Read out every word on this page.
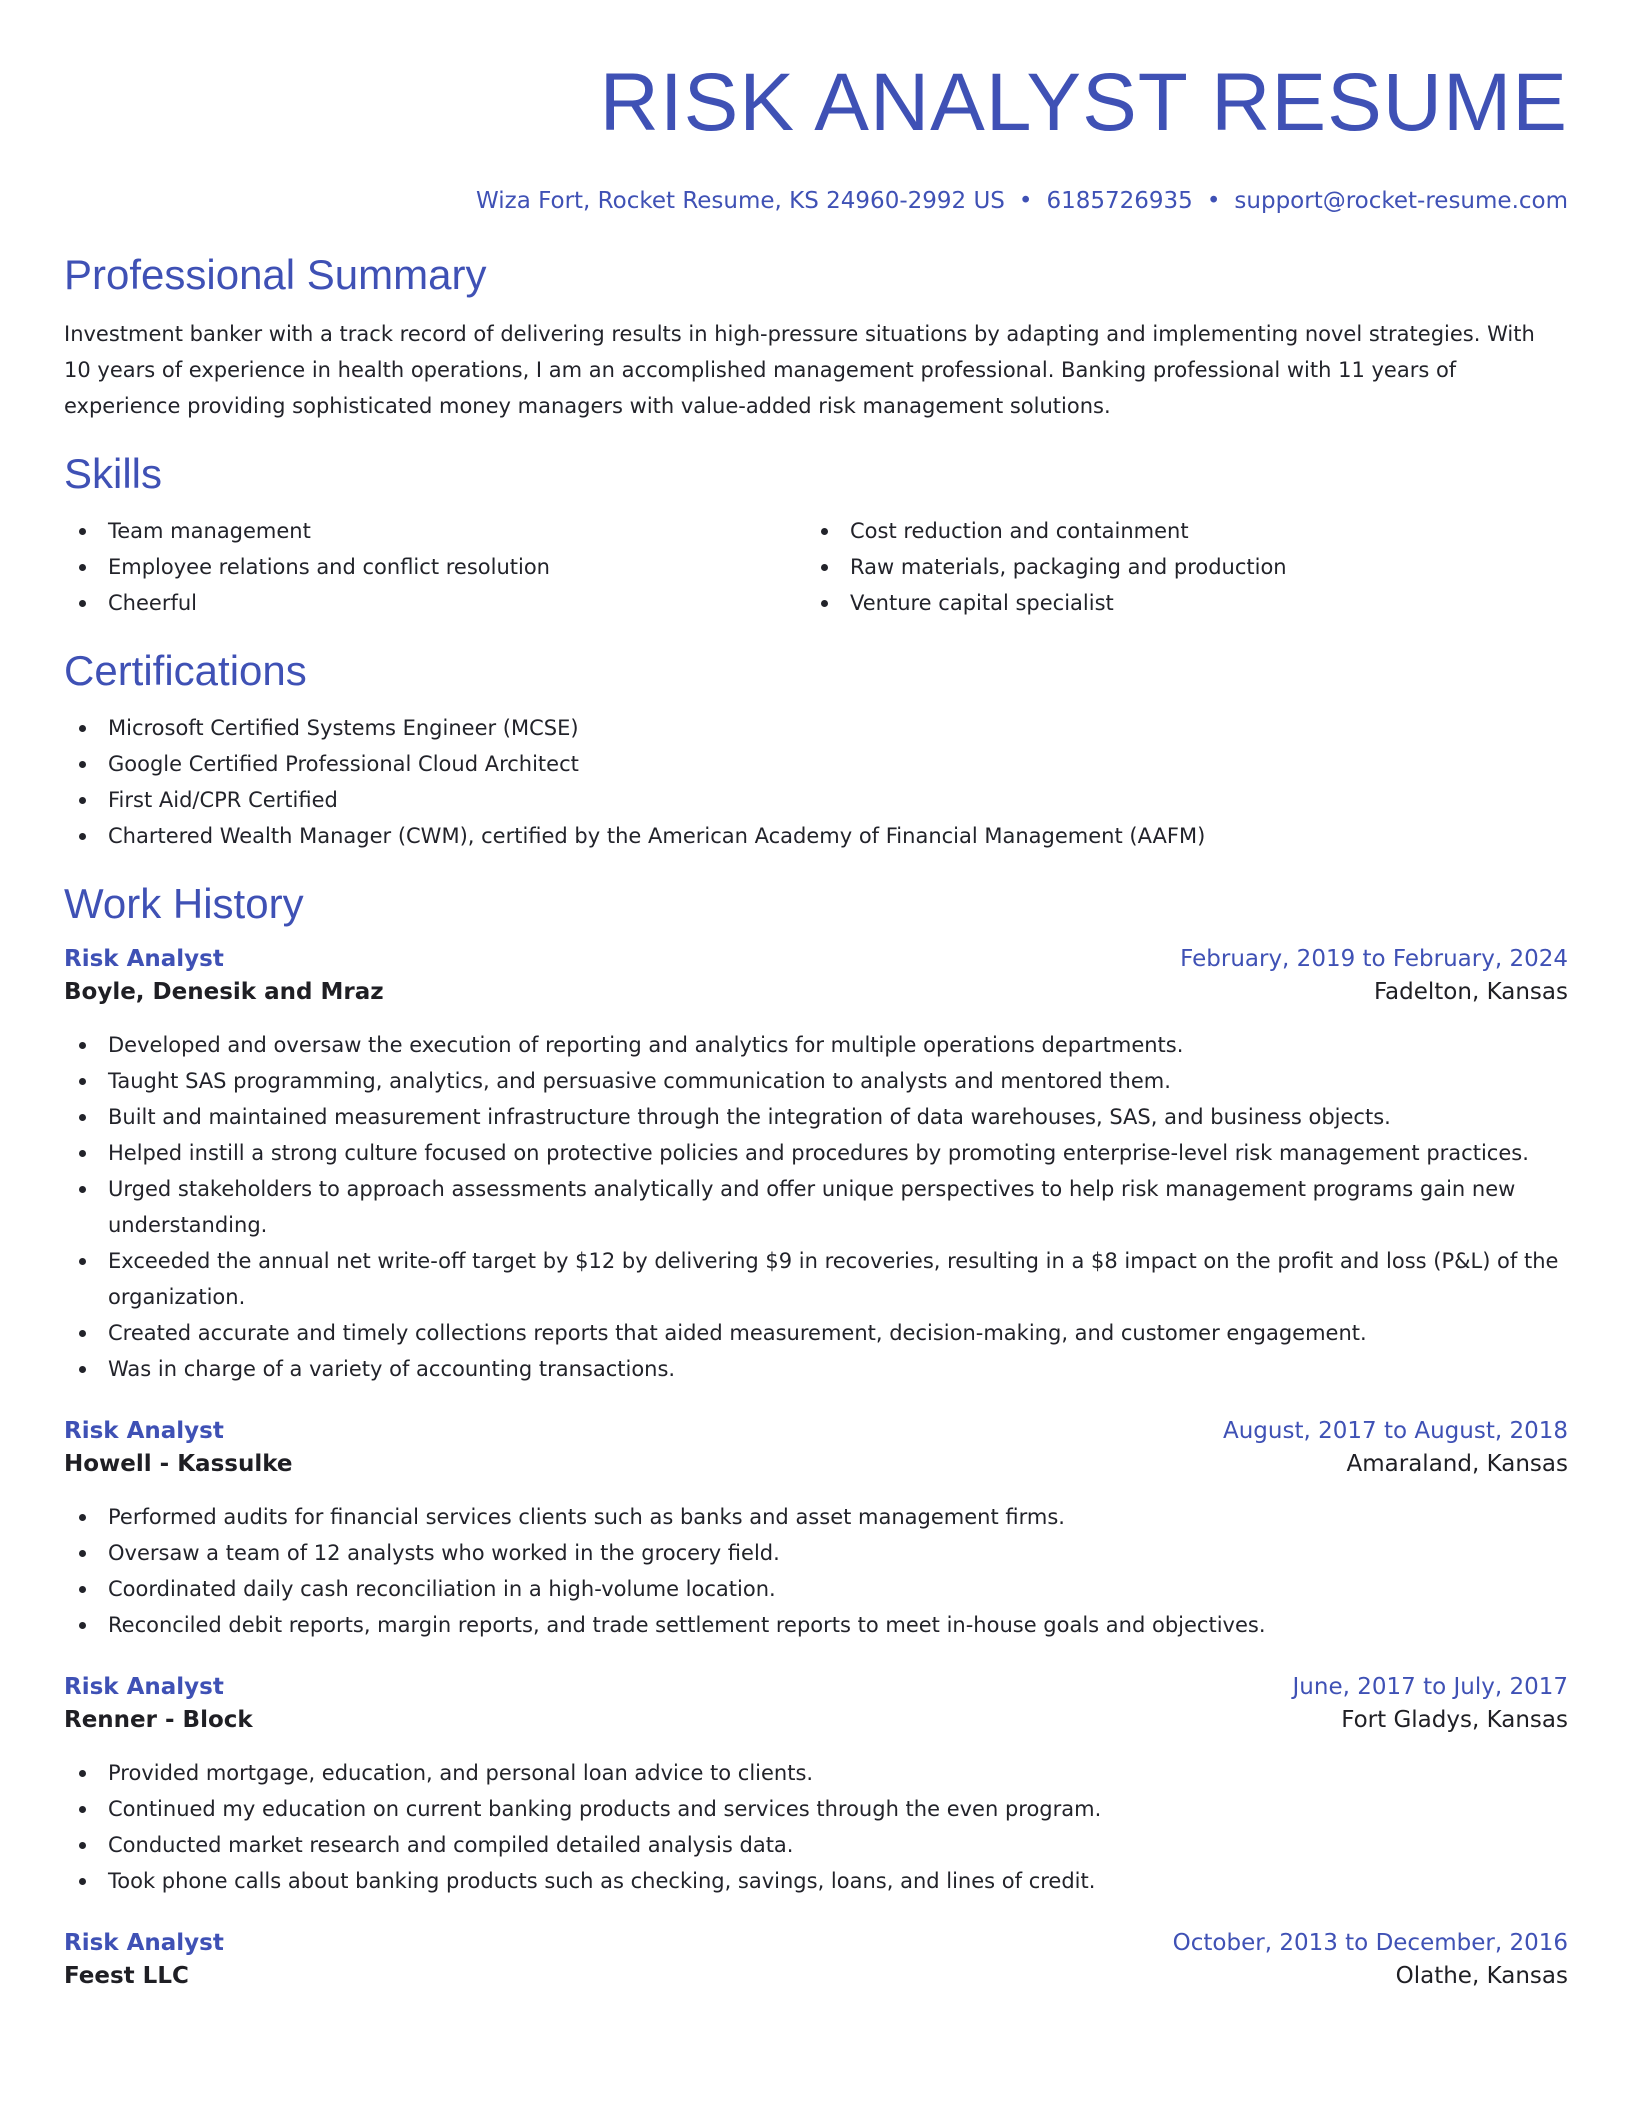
RISK ANALYST RESUME
Wiza Fort, Rocket Resume, KS 24960-2992 US • 6185726935 • support@rocket-resume.com
Professional Summary

Investment banker with a track record of delivering results in high-pressure situations by adapting and implementing novel strategies. With 10 years of experience in health operations, I am an accomplished management professional. Banking professional with 11 years of experience providing sophisticated money managers with value-added risk management solutions.

Skills
Team management
Employee relations and conflict resolution
Cheerful
Cost reduction and containment
Raw materials, packaging and production
Venture capital specialist
Certifications
Microsoft Certified Systems Engineer (MCSE)
Google Certified Professional Cloud Architect
First Aid/CPR Certified
Chartered Wealth Manager (CWM), certified by the American Academy of Financial Management (AAFM)
Work History
Risk Analyst	February, 2019 to February, 2024
Boyle, Denesik and Mraz	Fadelton, Kansas
Developed and oversaw the execution of reporting and analytics for multiple operations departments.
Taught SAS programming, analytics, and persuasive communication to analysts and mentored them.
Built and maintained measurement infrastructure through the integration of data warehouses, SAS, and business objects.
Helped instill a strong culture focused on protective policies and procedures by promoting enterprise-level risk management practices.
Urged stakeholders to approach assessments analytically and offer unique perspectives to help risk management programs gain new understanding.
Exceeded the annual net write-off target by $12 by delivering $9 in recoveries, resulting in a $8 impact on the profit and loss (P&L) of the organization.
Created accurate and timely collections reports that aided measurement, decision-making, and customer engagement.
Was in charge of a variety of accounting transactions.
Risk Analyst	August, 2017 to August, 2018
Howell - Kassulke	Amaraland, Kansas
Performed audits for financial services clients such as banks and asset management firms.
Oversaw a team of 12 analysts who worked in the grocery field.
Coordinated daily cash reconciliation in a high-volume location.
Reconciled debit reports, margin reports, and trade settlement reports to meet in-house goals and objectives.
Risk Analyst	June, 2017 to July, 2017
Renner - Block	Fort Gladys, Kansas
Provided mortgage, education, and personal loan advice to clients.
Continued my education on current banking products and services through the even program.
Conducted market research and compiled detailed analysis data.
Took phone calls about banking products such as checking, savings, loans, and lines of credit.
Risk Analyst	October, 2013 to December, 2016
Feest LLC	Olathe, Kansas
